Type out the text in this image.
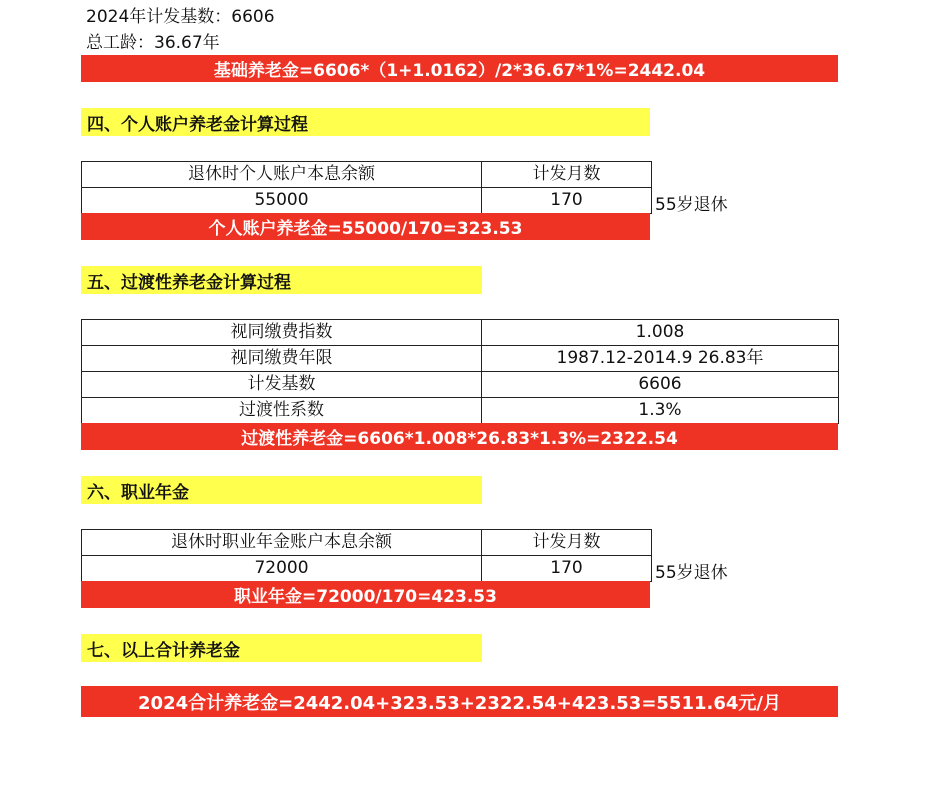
2024年计发基数：6606
总工龄：36.67年
基础养老金=6606*（1+1.0162）/2*36.67*1%=2442.04
四、个人账户养老金计算过程
退休时个人账户本息余额	计发月数
55000	170	55岁退休
个人账户养老金=55000/170=323.53
五、过渡性养老金计算过程
视同缴费指数	1.008
视同缴费年限	1987.12-2014.9 26.83年
计发基数	6606
过渡性系数	1.3%
过渡性养老金=6606*1.008*26.83*1.3%=2322.54
六、职业年金
退休时职业年金账户本息余额	计发月数
72000	170	55岁退休
职业年金=72000/170=423.53
七、以上合计养老金
2024合计养老金=2442.04+323.53+2322.54+423.53=5511.64元/月
